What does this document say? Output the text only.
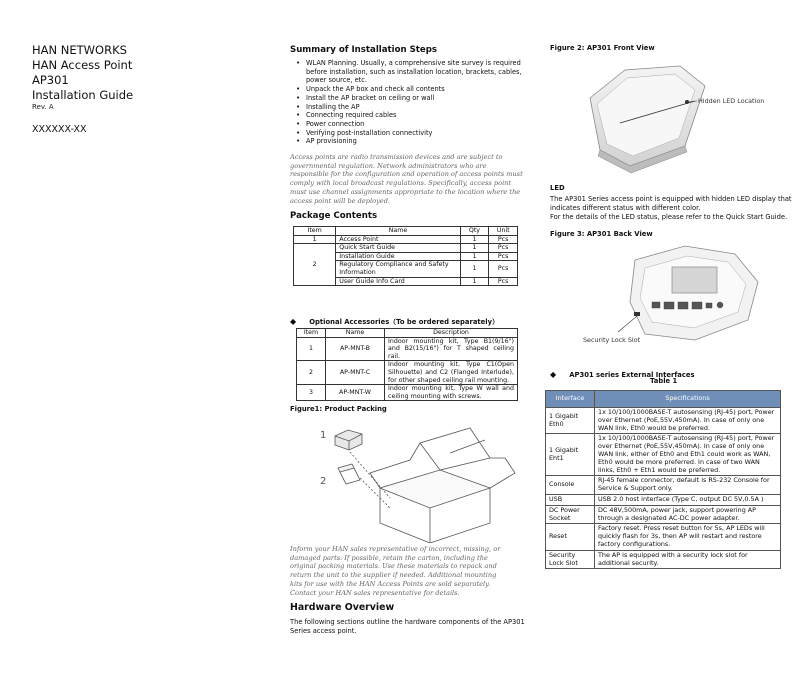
HAN NETWORKS
HAN Access Point
AP301
Installation Guide
Rev. A
XXXXXX-XX
Summary of Installation Steps
• WLAN Planning. Usually, a comprehensive site survey is required
before installation, such as installation location, brackets, cables,
power source, etc.
• Unpack the AP box and check all contents
• Install the AP bracket on ceiling or wall
• Installing the AP
• Connecting required cables
• Power connection
• Verifying post-installation connectivity
• AP provisioning
Access points are radio transmission devices and are subject to
governmental regulation. Network administrators who are
responsible for the configuration and operation of access points must
comply with local broadcast regulations. Specifically, access point
must use channel assignments appropriate to the location where the
access point will be deployed.
Package Contents
Item	Name	Qty	Unit
1	Access Point	1	Pcs
2	Quick Start Guide	1	Pcs
	Installation Guide	1	Pcs
	Regulatory Compliance and Safety Information	1	Pcs
	User Guide Info Card	1	Pcs
◆ Optional Accessories（To be ordered separately）
Item	Name	Description
1	AP-MNT-B	Indoor mounting kit, Type B1(9/16") and B2(15/16") for T shaped ceiling rail.
2	AP-MNT-C	Indoor mounting kit, Type C1(Open Silhouette) and C2 (Flanged Interlude), for other shaped ceiling rail mounting.
3	AP-MNT-W	Indoor mounting kit, Type W wall and ceiling mounting with screws.
Figure1: Product Packing
1
2
Inform your HAN sales representative of incorrect, missing, or
damaged parts. If possible, retain the carton, including the
original packing materials. Use these materials to repack and
return the unit to the supplier if needed. Additional mounting
kits for use with the HAN Access Points are sold separately.
Contact your HAN sales representative for details.
Hardware Overview
The following sections outline the hardware components of the AP301
Series access point.
Figure 2: AP301 Front View
Hidden LED Location
LED
The AP301 Series access point is equipped with hidden LED display that
indicates different status with different color.
For the details of the LED status, please refer to the Quick Start Guide.
Figure 3: AP301 Back View
Security Lock Slot
◆ AP301 series External Interfaces
Table 1
Interface	Specifications
1 Gigabit Eth0	1x 10/100/1000BASE-T autosensing (RJ-45) port, Power over Ethernet (PoE,55V,450mA). In case of only one WAN link, Eth0 would be preferred.
1 Gigabit Eht1	1x 10/100/1000BASE-T autosensing (RJ-45) port, Power over Ethernet (PoE,55V,450mA). In case of only one WAN link, either of Eth0 and Eth1 could work as WAN, Eth0 would be more preferred. In case of two WAN links, Eth0 + Eth1 would be preferred.
Console	RJ-45 female connector, default is RS-232 Console for Service & Support only.
USB	USB 2.0 host interface (Type C, output DC 5V,0.5A )
DC Power Socket	DC 48V,500mA, power jack, support powering AP through a designated AC-DC power adapter.
Reset	Factory reset. Press reset button for 5s, AP LEDs will quickly flash for 3s, then AP will restart and restore factory configurations.
Security Lock Slot	The AP is equipped with a security lock slot for additional security.
